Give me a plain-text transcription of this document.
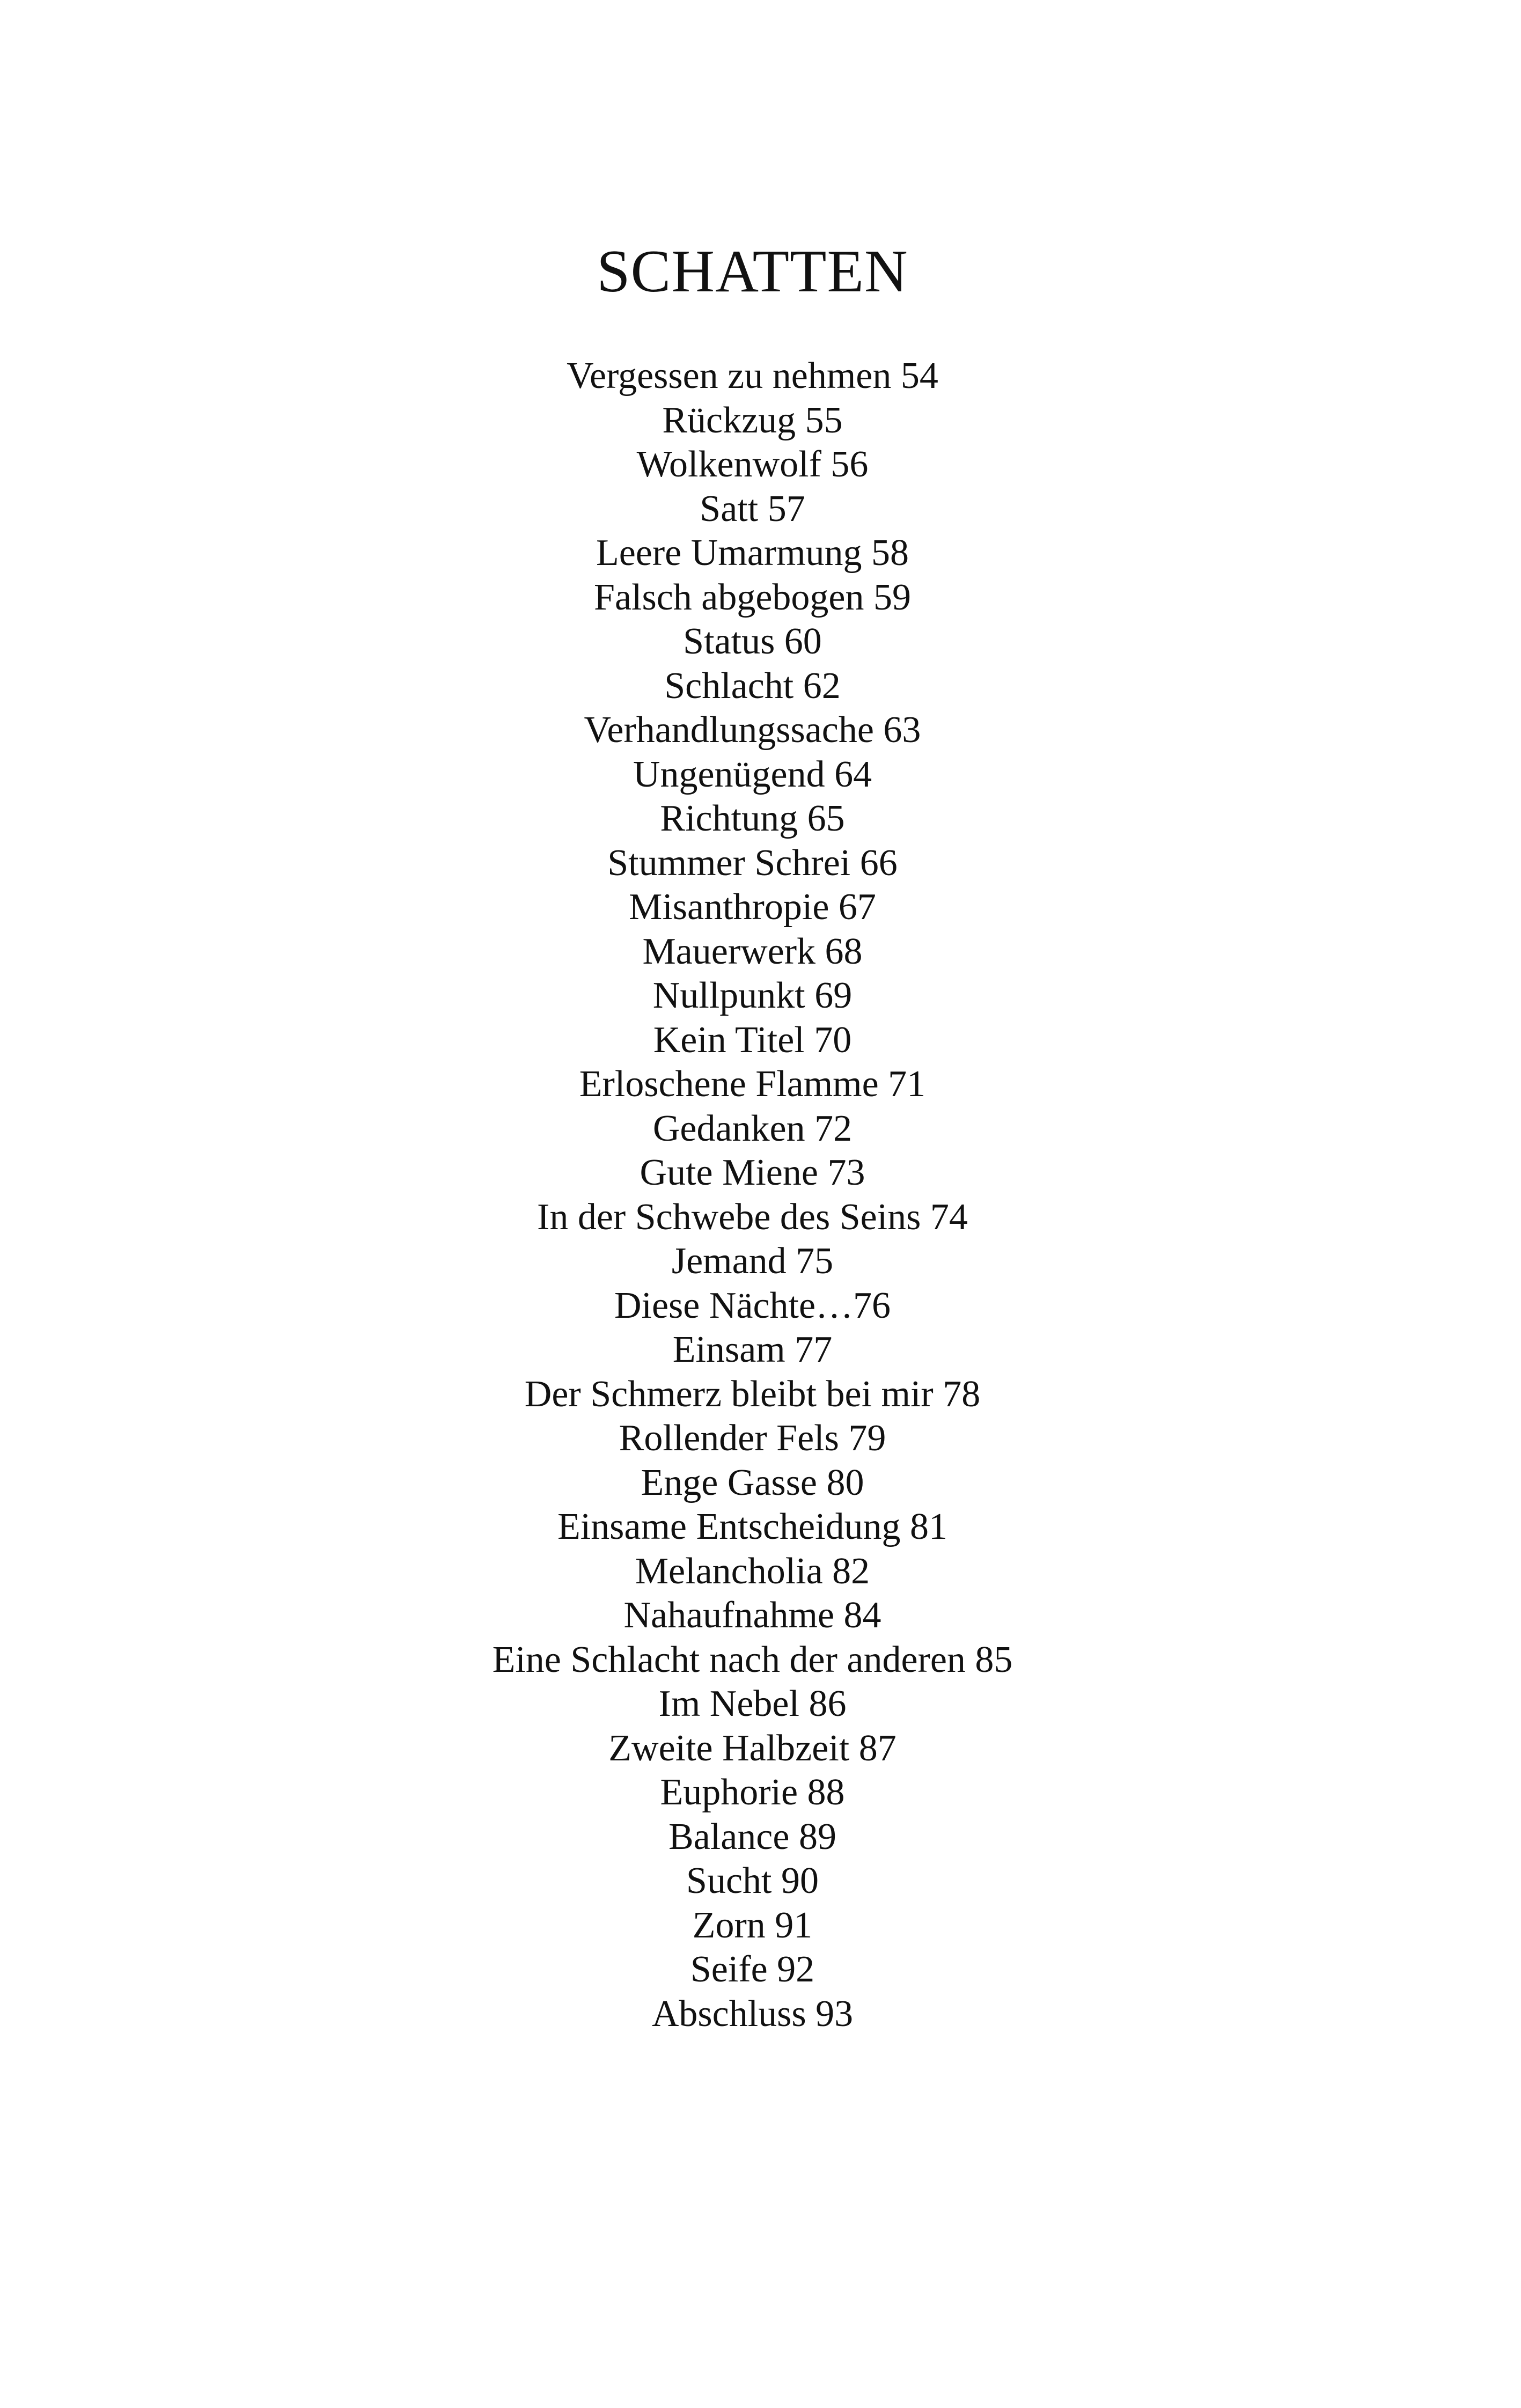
SCHATTEN
Vergessen zu nehmen 54
Rückzug 55
Wolkenwolf 56
Satt 57
Leere Umarmung 58
Falsch abgebogen 59
Status 60
Schlacht 62
Verhandlungssache 63
Ungenügend 64
Richtung 65
Stummer Schrei 66
Misanthropie 67
Mauerwerk 68
Nullpunkt 69
Kein Titel 70
Erloschene Flamme 71
Gedanken 72
Gute Miene 73
In der Schwebe des Seins 74
Jemand 75
Diese Nächte…76
Einsam 77
Der Schmerz bleibt bei mir 78
Rollender Fels 79
Enge Gasse 80
Einsame Entscheidung 81
Melancholia 82
Nahaufnahme 84
Eine Schlacht nach der anderen 85
Im Nebel 86
Zweite Halbzeit 87
Euphorie 88
Balance 89
Sucht 90
Zorn 91
Seife 92
Abschluss 93
